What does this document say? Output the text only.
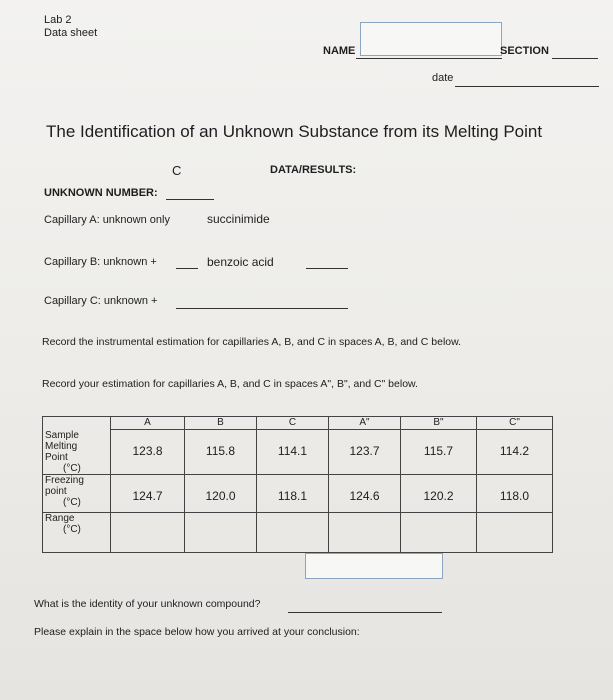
Lab 2
Data sheet
NAME	SECTION
date
The Identification of an Unknown Substance from its Melting Point
C	DATA/RESULTS:
UNKNOWN NUMBER:
Capillary A: unknown only	succinimide
Capillary B: unknown +	benzoic acid
Capillary C: unknown +
Record the instrumental estimation for capillaries A, B, and C in spaces A, B, and C below.
Record your estimation for capillaries A, B, and C in spaces A", B", and C" below.
	A	B	C	A"	B"	C"

Sample
Melting
Point
(°C)	123.8	115.8	114.1	123.7	115.7	114.2

Freezing
point
(°C)	124.7	120.0	118.1	124.6	120.2	118.0

Range
(°C)						

What is the identity of your unknown compound?
Please explain in the space below how you arrived at your conclusion:
